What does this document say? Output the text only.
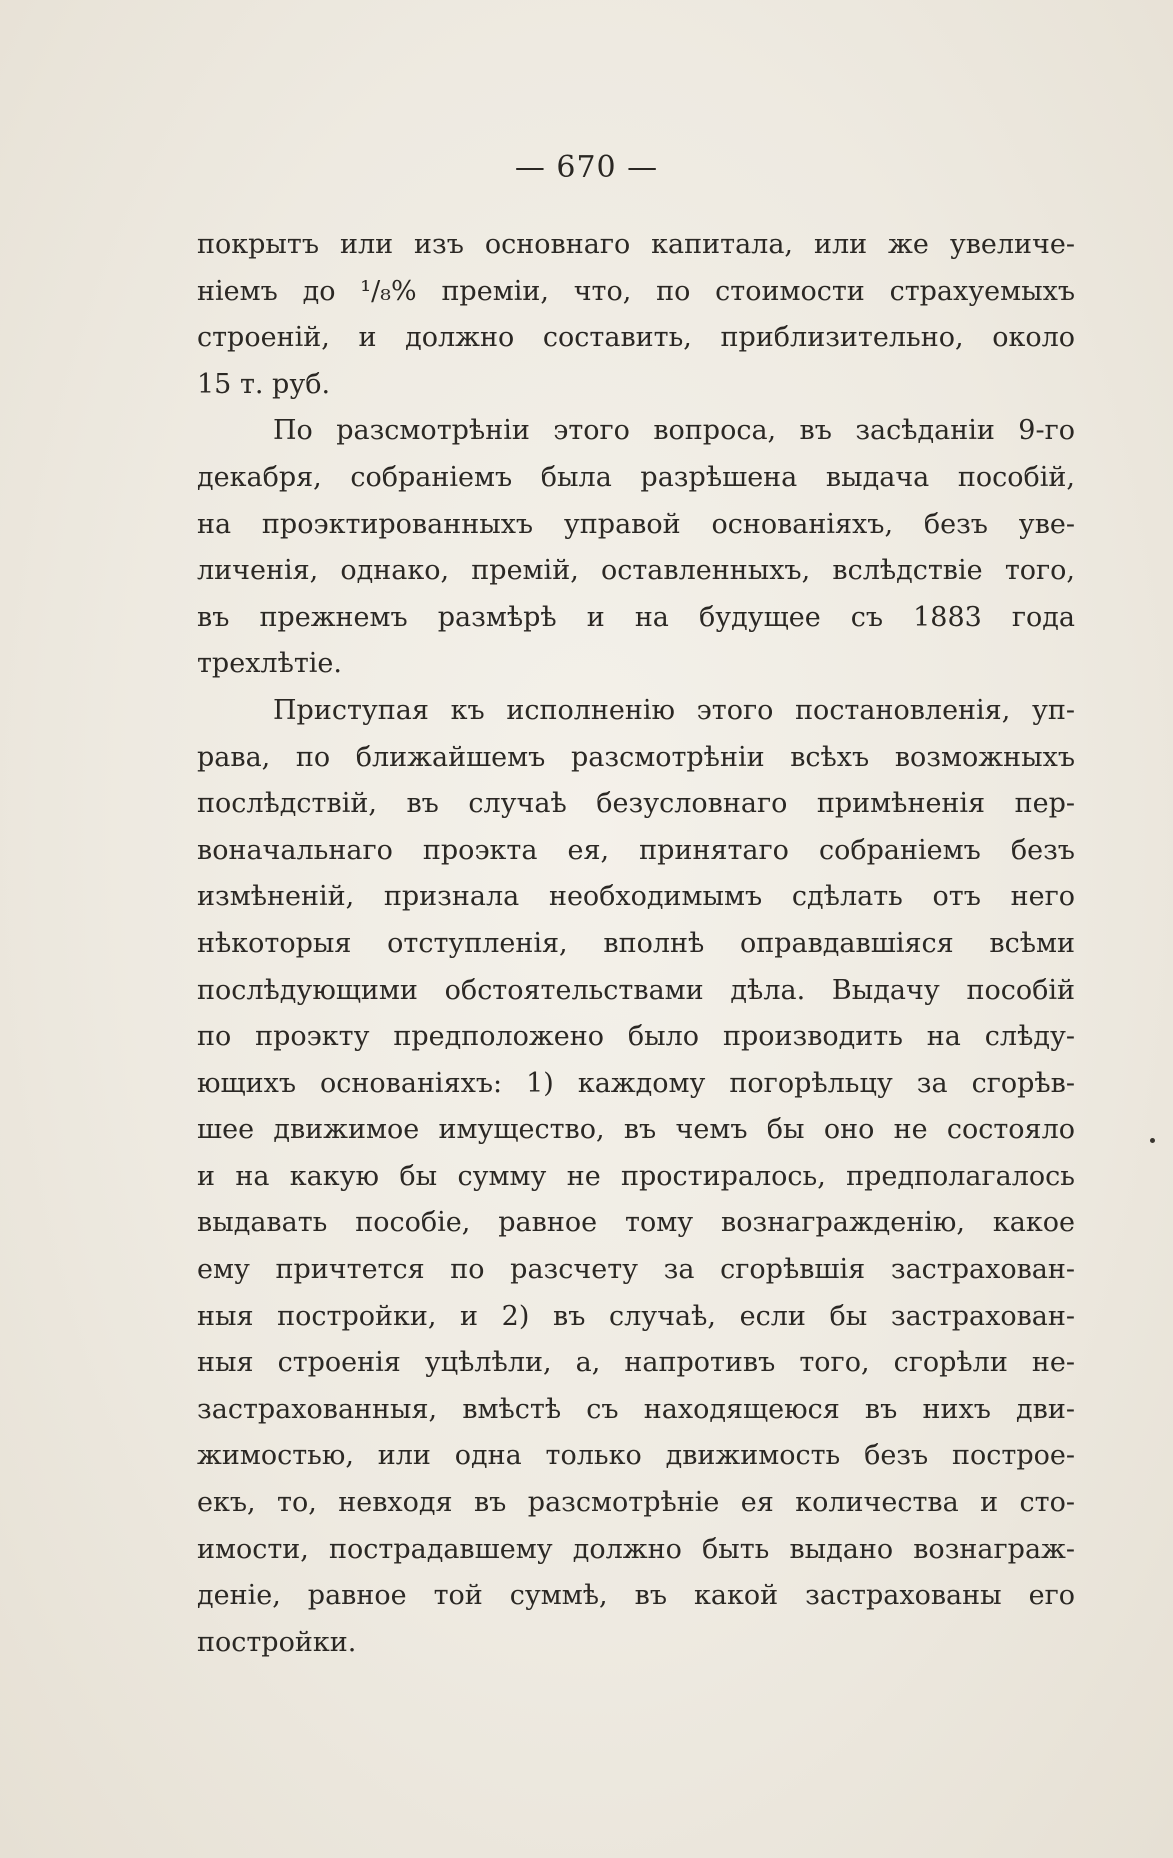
— 670 —
покрытъ или изъ основнаго капитала, или же увеличе-
ніемъ до ¹/₈% преміи, что, по стоимости страхуемыхъ
строеній, и должно составить, приблизительно, около
15 т. руб.
По разсмотрѣніи этого вопроса, въ засѣданіи 9-го
декабря, собраніемъ была разрѣшена выдача пособій,
на проэктированныхъ управой основаніяхъ, безъ уве-
личенія, однако, премій, оставленныхъ, вслѣдствіе того,
въ прежнемъ размѣрѣ и на будущее съ 1883 года
трехлѣтіе.
Приступая къ исполненію этого постановленія, уп-
рава, по ближайшемъ разсмотрѣніи всѣхъ возможныхъ
послѣдствій, въ случаѣ безусловнаго примѣненія пер-
воначальнаго проэкта ея, принятаго собраніемъ безъ
измѣненій, признала необходимымъ сдѣлать отъ него
нѣкоторыя отступленія, вполнѣ оправдавшіяся всѣми
послѣдующими обстоятельствами дѣла. Выдачу пособій
по проэкту предположено было производить на слѣду-
ющихъ основаніяхъ: 1) каждому погорѣльцу за сгорѣв-
шее движимое имущество, въ чемъ бы оно не состояло
и на какую бы сумму не простиралось, предполагалось
выдавать пособіе, равное тому вознагражденію, какое
ему причтется по разсчету за сгорѣвшія застрахован-
ныя постройки, и 2) въ случаѣ, если бы застрахован-
ныя строенія уцѣлѣли, а, напротивъ того, сгорѣли не-
застрахованныя, вмѣстѣ съ находящеюся въ нихъ дви-
жимостью, или одна только движимость безъ построе-
екъ, то, невходя въ разсмотрѣніе ея количества и сто-
имости, пострадавшему должно быть выдано вознаграж-
деніе, равное той суммѣ, въ какой застрахованы его
постройки.
